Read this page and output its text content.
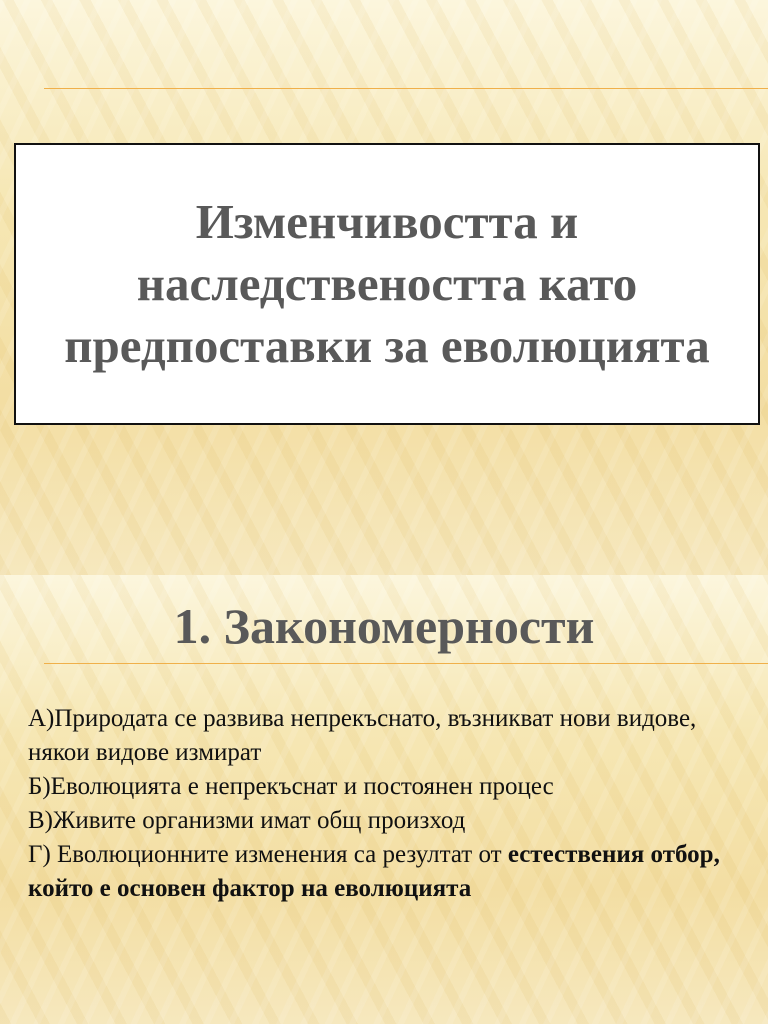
Изменчивостта и наследствеността като предпоставки за еволюцията
1. Закономерности
А)Природата се развива непрекъснато, възникват нови видове, някои видове измират
Б)Еволюцията е непрекъснат и постоянен процес
В)Живите организми имат общ произход
Г) Еволюционните изменения са резултат от естествения отбор, който е основен фактор на еволюцията
